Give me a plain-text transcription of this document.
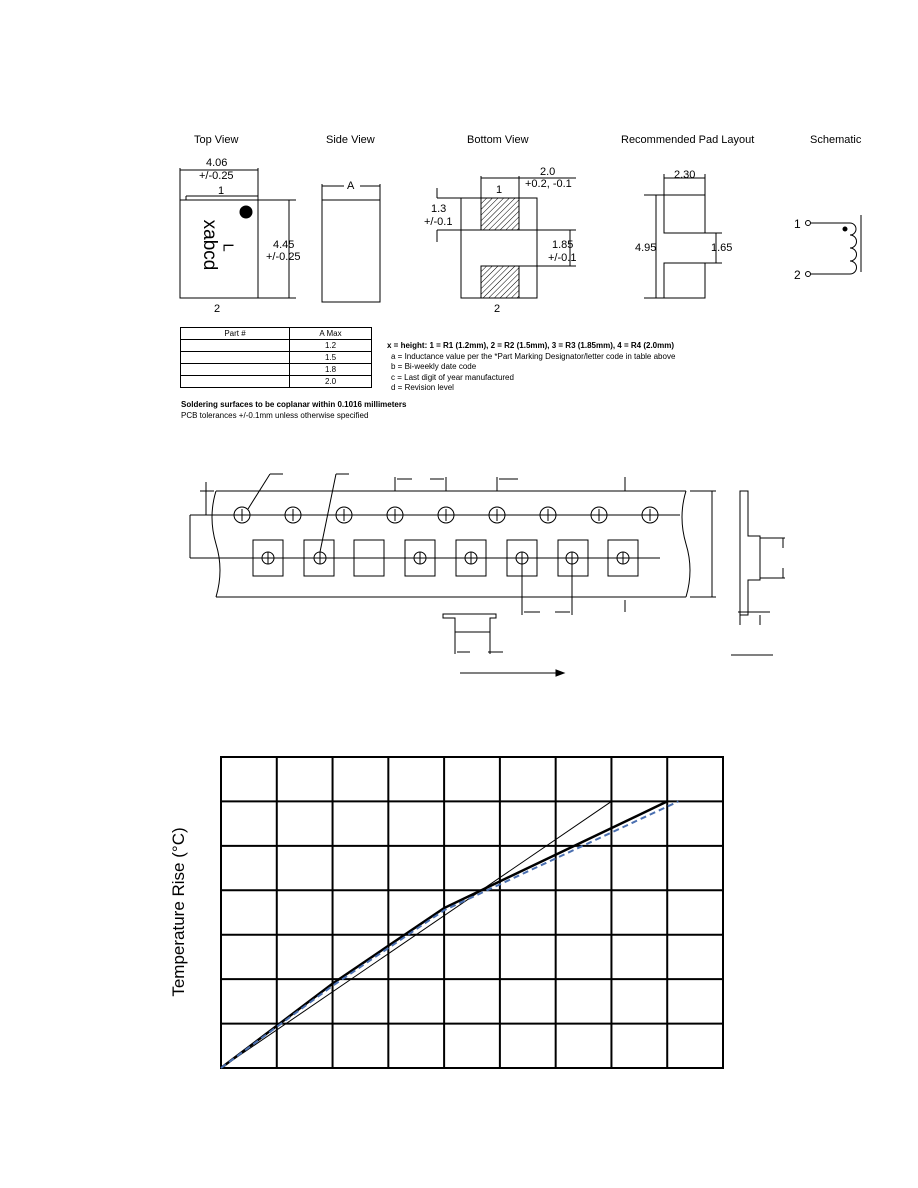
Top View	Side View	Bottom View	Recommended Pad Layout	Schematic
4.06
+/-0.25
1
4.45
+/-0.25
2
xabcd L
A
2.0
+0.2, -0.1
1
1.3
+/-0.1
1.85
+/-0.1
2
2.30
4.95	1.65
1
2
Part #	A Max
	1.2
	1.5
	1.8
	2.0
x = height: 1 = R1 (1.2mm), 2 = R2 (1.5mm), 3 = R3 (1.85mm), 4 = R4 (2.0mm)
a = Inductance value per the *Part Marking Designator/letter code in table above
b = Bi-weekly date code
c = Last digit of year manufactured
d = Revision level
Soldering surfaces to be coplanar within 0.1016 millimeters
PCB tolerances +/-0.1mm unless otherwise specified
Temperature Rise (°C)
